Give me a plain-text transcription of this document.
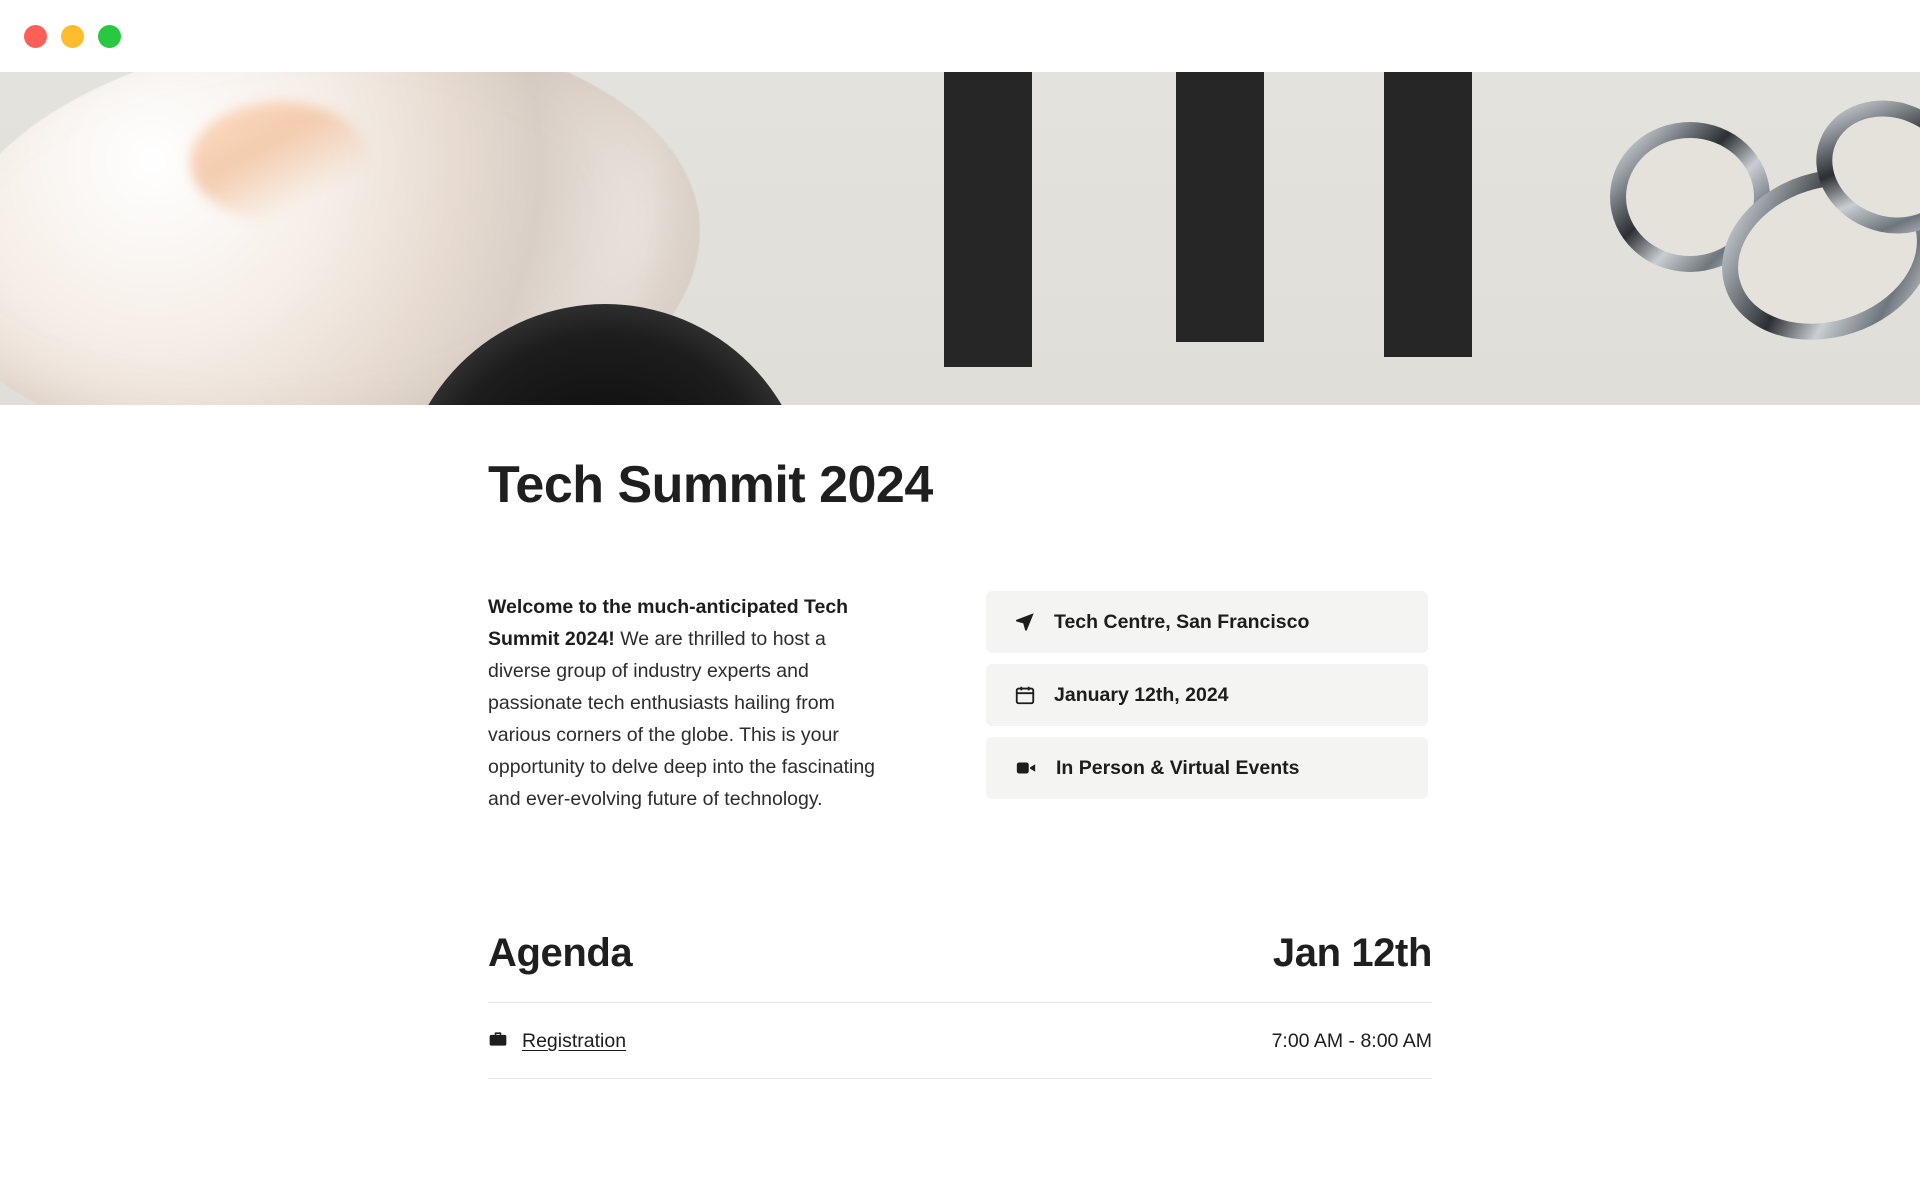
Tech Summit 2024
Welcome to the much-anticipated Tech Summit 2024! We are thrilled to host a diverse group of industry experts and passionate tech enthusiasts hailing from various corners of the globe. This is your opportunity to delve deep into the fascinating and ever-evolving future of technology.
Tech Centre, San Francisco
January 12th, 2024
In Person & Virtual Events
Agenda	Jan 12th
Registration	7:00 AM - 8:00 AM
